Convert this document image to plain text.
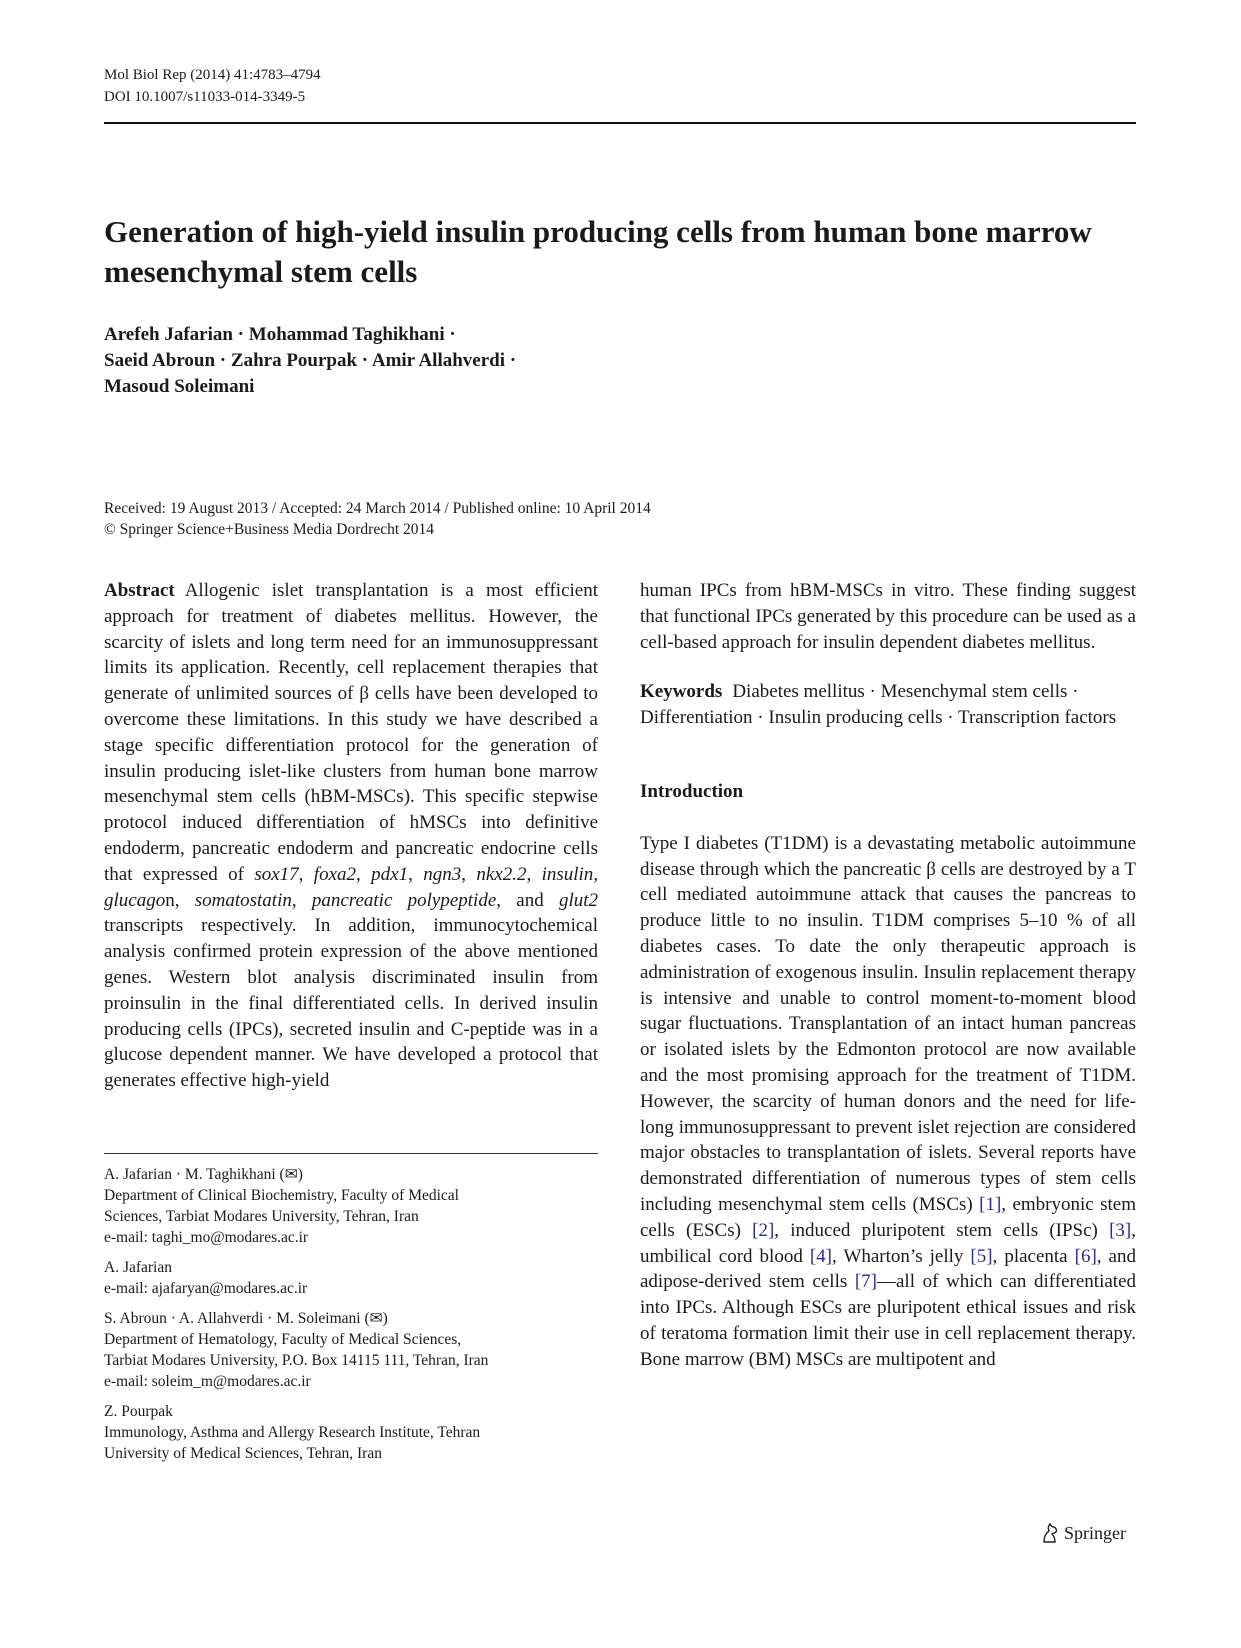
Mol Biol Rep (2014) 41:4783–4794
DOI 10.1007/s11033-014-3349-5
Generation of high-yield insulin producing cells from human bone marrow mesenchymal stem cells
Arefeh Jafarian · Mohammad Taghikhani ·
Saeid Abroun · Zahra Pourpak · Amir Allahverdi ·
Masoud Soleimani
Received: 19 August 2013 / Accepted: 24 March 2014 / Published online: 10 April 2014
© Springer Science+Business Media Dordrecht 2014

Abstract Allogenic islet transplantation is a most efficient approach for treatment of diabetes mellitus. However, the scarcity of islets and long term need for an immunosuppressant limits its application. Recently, cell replacement therapies that generate of unlimited sources of β cells have been developed to overcome these limitations. In this study we have described a stage specific differentiation protocol for the generation of insulin producing islet-like clusters from human bone marrow mesenchymal stem cells (hBM-MSCs). This specific stepwise protocol induced differentiation of hMSCs into definitive endoderm, pancreatic endoderm and pancreatic endocrine cells that expressed of sox17, foxa2, pdx1, ngn3, nkx2.2, insulin, glucagon, somatostatin, pancreatic polypeptide, and glut2 transcripts respectively. In addition, immunocytochemical analysis confirmed protein expression of the above mentioned genes. Western blot analysis discriminated insulin from proinsulin in the final differentiated cells. In derived insulin producing cells (IPCs), secreted insulin and C-peptide was in a glucose dependent manner. We have developed a protocol that generates effective high-yield

A. Jafarian · M. Taghikhani (✉)
Department of Clinical Biochemistry, Faculty of Medical
Sciences, Tarbiat Modares University, Tehran, Iran
e-mail: taghi_mo@modares.ac.ir
A. Jafarian
e-mail: ajafaryan@modares.ac.ir
S. Abroun · A. Allahverdi · M. Soleimani (✉)
Department of Hematology, Faculty of Medical Sciences,
Tarbiat Modares University, P.O. Box 14115 111, Tehran, Iran
e-mail: soleim_m@modares.ac.ir
Z. Pourpak
Immunology, Asthma and Allergy Research Institute, Tehran
University of Medical Sciences, Tehran, Iran

human IPCs from hBM-MSCs in vitro. These finding suggest that functional IPCs generated by this procedure can be used as a cell-based approach for insulin dependent diabetes mellitus.

Keywords Diabetes mellitus · Mesenchymal stem cells · Differentiation · Insulin producing cells · Transcription factors

Introduction

Type I diabetes (T1DM) is a devastating metabolic autoimmune disease through which the pancreatic β cells are destroyed by a T cell mediated autoimmune attack that causes the pancreas to produce little to no insulin. T1DM comprises 5–10 % of all diabetes cases. To date the only therapeutic approach is administration of exogenous insulin. Insulin replacement therapy is intensive and unable to control moment-to-moment blood sugar fluctuations. Transplantation of an intact human pancreas or isolated islets by the Edmonton protocol are now available and the most promising approach for the treatment of T1DM. However, the scarcity of human donors and the need for life-long immunosuppressant to prevent islet rejection are considered major obstacles to transplantation of islets. Several reports have demonstrated differentiation of numerous types of stem cells including mesenchymal stem cells (MSCs) [1], embryonic stem cells (ESCs) [2], induced pluripotent stem cells (IPSc) [3], umbilical cord blood [4], Wharton’s jelly [5], placenta [6], and adipose-derived stem cells [7]—all of which can differentiated into IPCs. Although ESCs are pluripotent ethical issues and risk of teratoma formation limit their use in cell replacement therapy. Bone marrow (BM) MSCs are multipotent and

Springer
